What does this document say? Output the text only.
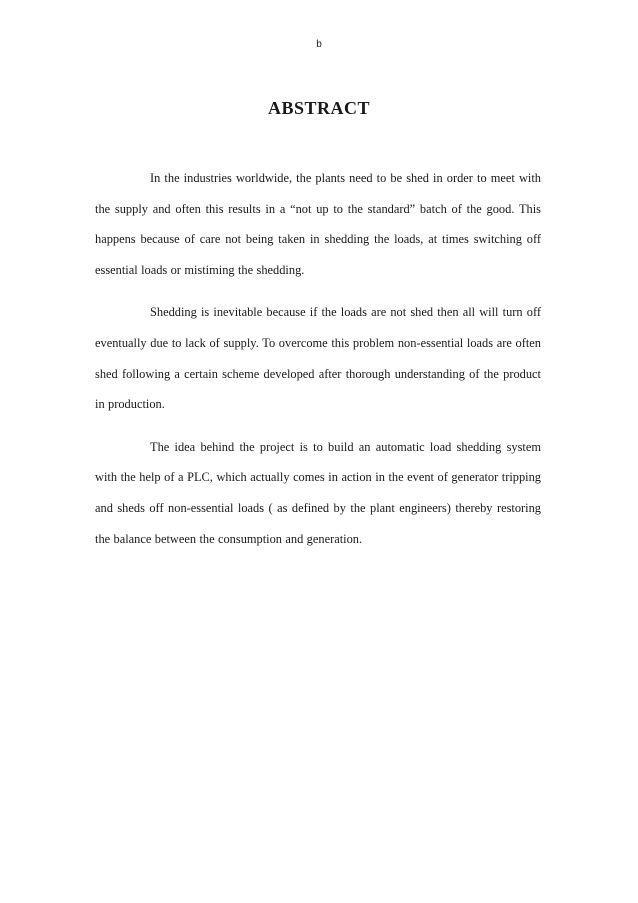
b
ABSTRACT

In the industries worldwide, the plants need to be shed in order to meet with the supply and often this results in a “not up to the standard” batch of the good. This happens because of care not being taken in shedding the loads, at times switching off essential loads or mistiming the shedding.

Shedding is inevitable because if the loads are not shed then all will turn off eventually due to lack of supply. To overcome this problem non-essential loads are often shed following a certain scheme developed after thorough understanding of the product in production.

The idea behind the project is to build an automatic load shedding system with the help of a PLC, which actually comes in action in the event of generator tripping and sheds off non-essential loads ( as defined by the plant engineers) thereby restoring the balance between the consumption and generation.
